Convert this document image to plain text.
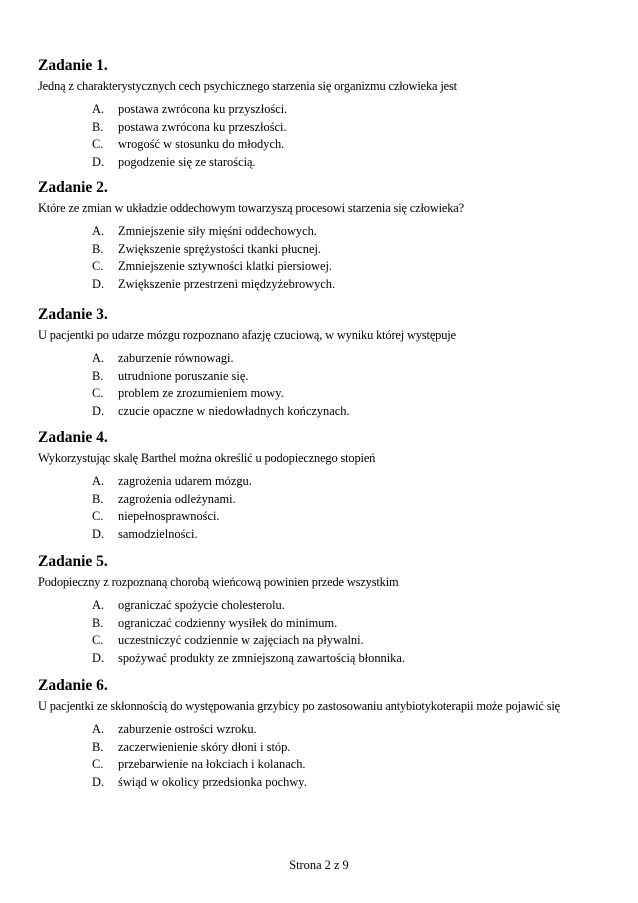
Zadanie 1.
Jedną z charakterystycznych cech psychicznego starzenia się organizmu człowieka jest
A. postawa zwrócona ku przyszłości.
B. postawa zwrócona ku przeszłości.
C. wrogość w stosunku do młodych.
D. pogodzenie się ze starością.
Zadanie 2.
Które ze zmian w układzie oddechowym towarzyszą procesowi starzenia się człowieka?
A. Zmniejszenie siły mięśni oddechowych.
B. Zwiększenie sprężystości tkanki płucnej.
C. Zmniejszenie sztywności klatki piersiowej.
D. Zwiększenie przestrzeni międzyżebrowych.
Zadanie 3.
U pacjentki po udarze mózgu rozpoznano afazję czuciową, w wyniku której występuje
A. zaburzenie równowagi.
B. utrudnione poruszanie się.
C. problem ze zrozumieniem mowy.
D. czucie opaczne w niedowładnych kończynach.
Zadanie 4.
Wykorzystując skalę Barthel można określić u podopiecznego stopień
A. zagrożenia udarem mózgu.
B. zagrożenia odleżynami.
C. niepełnosprawności.
D. samodzielności.
Zadanie 5.
Podopieczny z rozpoznaną chorobą wieńcową powinien przede wszystkim
A. ograniczać spożycie cholesterolu.
B. ograniczać codzienny wysiłek do minimum.
C. uczestniczyć codziennie w zajęciach na pływalni.
D. spożywać produkty ze zmniejszoną zawartością błonnika.
Zadanie 6.
U pacjentki ze skłonnością do występowania grzybicy po zastosowaniu antybiotykoterapii może pojawić się
A. zaburzenie ostrości wzroku.
B. zaczerwienienie skóry dłoni i stóp.
C. przebarwienie na łokciach i kolanach.
D. świąd w okolicy przedsionka pochwy.
Strona 2 z 9
